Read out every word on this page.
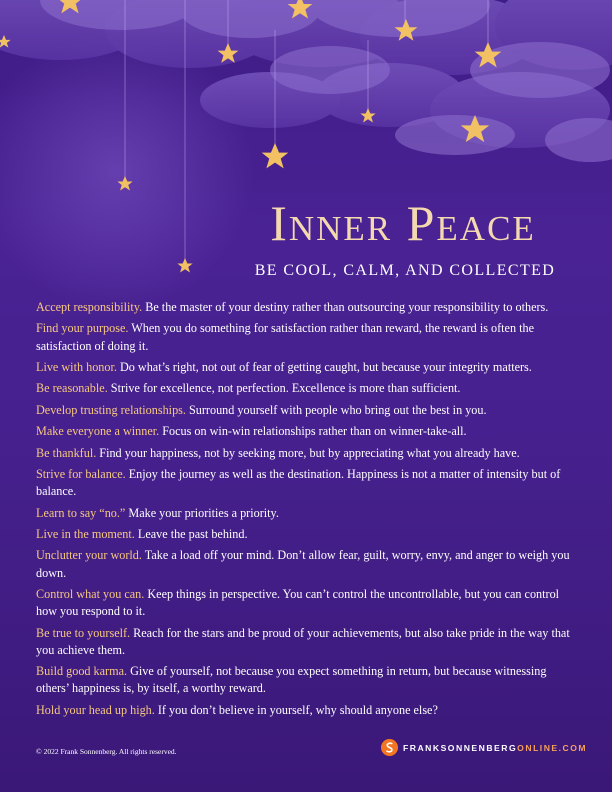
Inner Peace
BE COOL, CALM, AND COLLECTED
Accept responsibility. Be the master of your destiny rather than outsourcing your responsibility to others.
Find your purpose. When you do something for satisfaction rather than reward, the reward is often the satisfaction of doing it.
Live with honor. Do what’s right, not out of fear of getting caught, but because your integrity matters.
Be reasonable. Strive for excellence, not perfection. Excellence is more than sufficient.
Develop trusting relationships. Surround yourself with people who bring out the best in you.
Make everyone a winner. Focus on win-win relationships rather than on winner-take-all.
Be thankful. Find your happiness, not by seeking more, but by appreciating what you already have.
Strive for balance. Enjoy the journey as well as the destination. Happiness is not a matter of intensity but of balance.
Learn to say “no.” Make your priorities a priority.
Live in the moment. Leave the past behind.
Unclutter your world. Take a load off your mind. Don’t allow fear, guilt, worry, envy, and anger to weigh you down.
Control what you can. Keep things in perspective. You can’t control the uncontrollable, but you can control how you respond to it.
Be true to yourself. Reach for the stars and be proud of your achievements, but also take pride in the way that you achieve them.
Build good karma. Give of yourself, not because you expect something in return, but because witnessing others’ happiness is, by itself, a worthy reward.
Hold your head up high. If you don’t believe in yourself, why should anyone else?
© 2022 Frank Sonnenberg. All rights reserved.	FRANKSONNENBERGONLINE.COM
